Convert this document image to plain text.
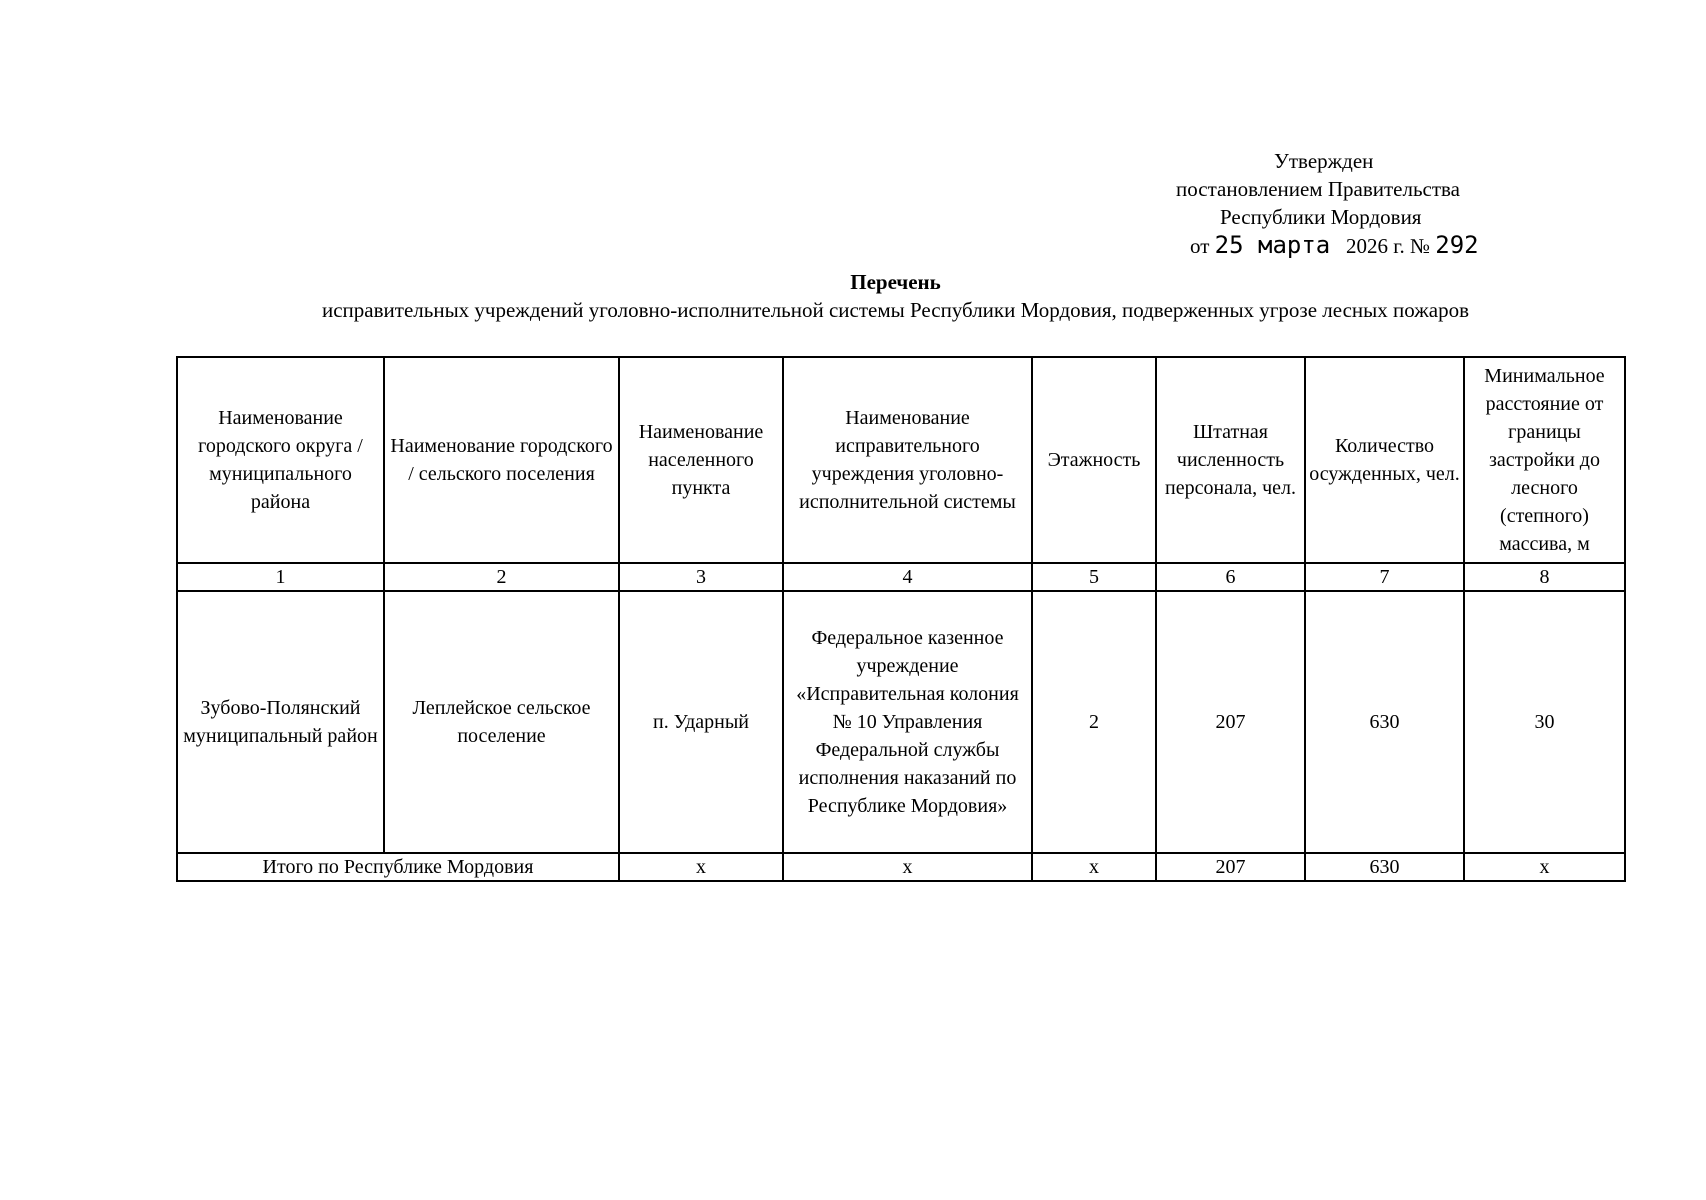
Утвержден
постановлением Правительства
Республики Мордовия
от 25 марта 2026 г. № 292
Перечень
исправительных учреждений уголовно-исполнительной системы Республики Мордовия, подверженных угрозе лесных пожаров
Наименование городского округа / муниципального района	Наименование городского / сельского поселения	Наименование населенного пункта	Наименование исправительного учреждения уголовно-исполнительной системы	Этажность	Штатная численность персонала, чел.	Количество осужденных, чел.	Минимальное расстояние от границы застройки до лесного (степного) массива, м
1	2	3	4	5	6	7	8
Зубово-Полянский муниципальный район	Леплейское сельское поселение	п. Ударный	Федеральное казенное учреждение «Исправительная колония № 10 Управления Федеральной службы исполнения наказаний по Республике Мордовия»	2	207	630	30
Итого по Республике Мордовия		х	х	х	207	630	х
